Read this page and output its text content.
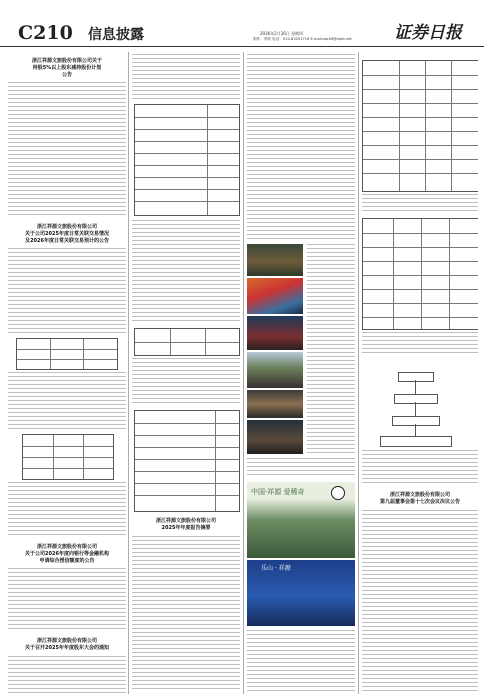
C210 信息披露	2026年2月26日 星期四
制作：李波 电话：010-83251716 E-mail:zqrb9@zqrb.net 证券日报
浙江祥源文旅股份有限公司关于
持股5%以上股东减持股份计划
公告
浙江祥源文旅股份有限公司
关于公司2025年度日常关联交易情况
及2026年度日常关联交易预计的公告
浙江祥源文旅股份有限公司
关于公司2026年度向银行等金融机构
申请综合授信额度的公告
浙江祥源文旅股份有限公司
关于召开2025年年度股东大会的通知
浙江祥源文旅股份有限公司
2025年年度报告摘要
中国·祥源 爱稀奇
乐山 · 祥源
浙江祥源文旅股份有限公司
第九届董事会第十七次会议决议公告
